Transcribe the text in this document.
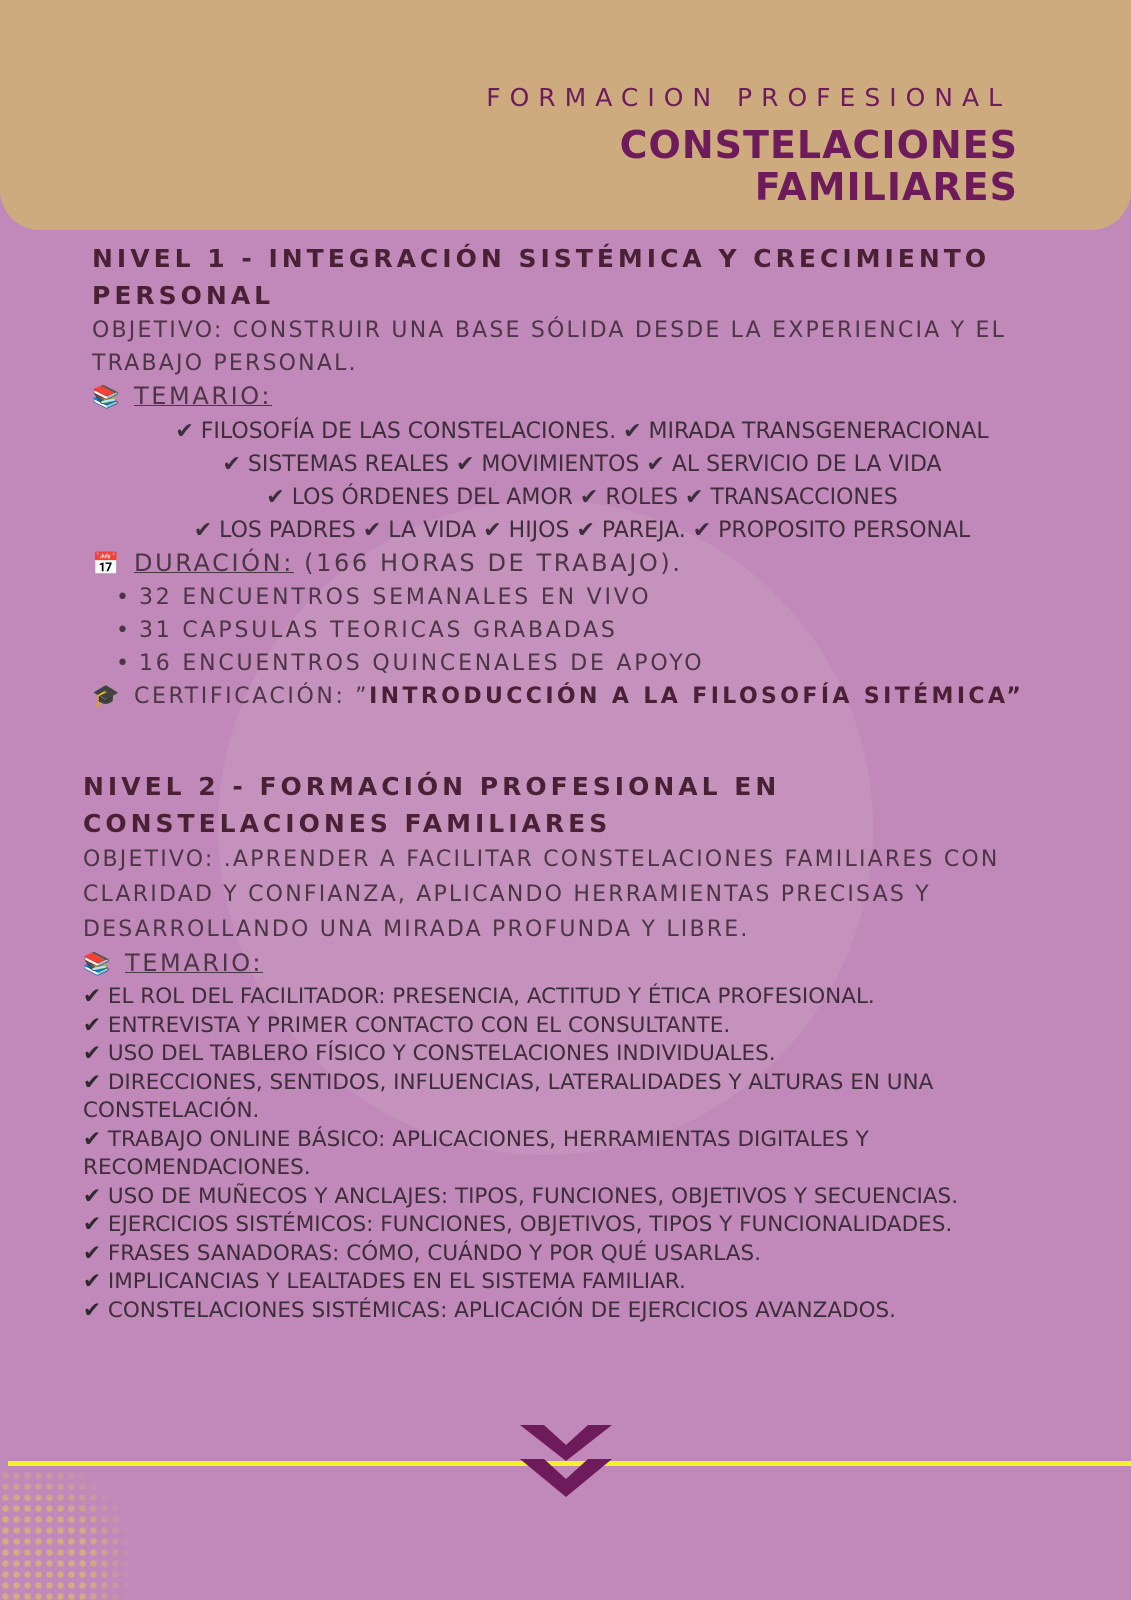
FORMACION PROFESIONAL
CONSTELACIONES
FAMILIARES
NIVEL 1 - INTEGRACIÓN SISTÉMICA Y CRECIMIENTO PERSONAL

OBJETIVO: CONSTRUIR UNA BASE SÓLIDA DESDE LA EXPERIENCIA Y EL TRABAJO PERSONAL.

📚 TEMARIO:

✔ FILOSOFÍA DE LAS CONSTELACIONES. ✔ MIRADA TRANSGENERACIONAL
✔ SISTEMAS REALES ✔ MOVIMIENTOS ✔ AL SERVICIO DE LA VIDA
✔ LOS ÓRDENES DEL AMOR ✔ ROLES ✔ TRANSACCIONES
✔ LOS PADRES ✔ LA VIDA ✔ HIJOS ✔ PAREJA. ✔ PROPOSITO PERSONAL

📅 DURACIÓN: (166 HORAS DE TRABAJO).

• 32 ENCUENTROS SEMANALES EN VIVO
• 31 CAPSULAS TEORICAS GRABADAS
• 16 ENCUENTROS QUINCENALES DE APOYO

🎓 CERTIFICACIÓN: ”INTRODUCCIÓN A LA FILOSOFÍA SITÉMICA”

NIVEL 2 - FORMACIÓN PROFESIONAL EN CONSTELACIONES FAMILIARES

OBJETIVO: .APRENDER A FACILITAR CONSTELACIONES FAMILIARES CON CLARIDAD Y CONFIANZA, APLICANDO HERRAMIENTAS PRECISAS Y DESARROLLANDO UNA MIRADA PROFUNDA Y LIBRE.

📚 TEMARIO:

✔ EL ROL DEL FACILITADOR: PRESENCIA, ACTITUD Y ÉTICA PROFESIONAL.
✔ ENTREVISTA Y PRIMER CONTACTO CON EL CONSULTANTE.
✔ USO DEL TABLERO FÍSICO Y CONSTELACIONES INDIVIDUALES.
✔ DIRECCIONES, SENTIDOS, INFLUENCIAS, LATERALIDADES Y ALTURAS EN UNA CONSTELACIÓN.
✔ TRABAJO ONLINE BÁSICO: APLICACIONES, HERRAMIENTAS DIGITALES Y RECOMENDACIONES.
✔ USO DE MUÑECOS Y ANCLAJES: TIPOS, FUNCIONES, OBJETIVOS Y SECUENCIAS.
✔ EJERCICIOS SISTÉMICOS: FUNCIONES, OBJETIVOS, TIPOS Y FUNCIONALIDADES.
✔ FRASES SANADORAS: CÓMO, CUÁNDO Y POR QUÉ USARLAS.
✔ IMPLICANCIAS Y LEALTADES EN EL SISTEMA FAMILIAR.
✔ CONSTELACIONES SISTÉMICAS: APLICACIÓN DE EJERCICIOS AVANZADOS.
